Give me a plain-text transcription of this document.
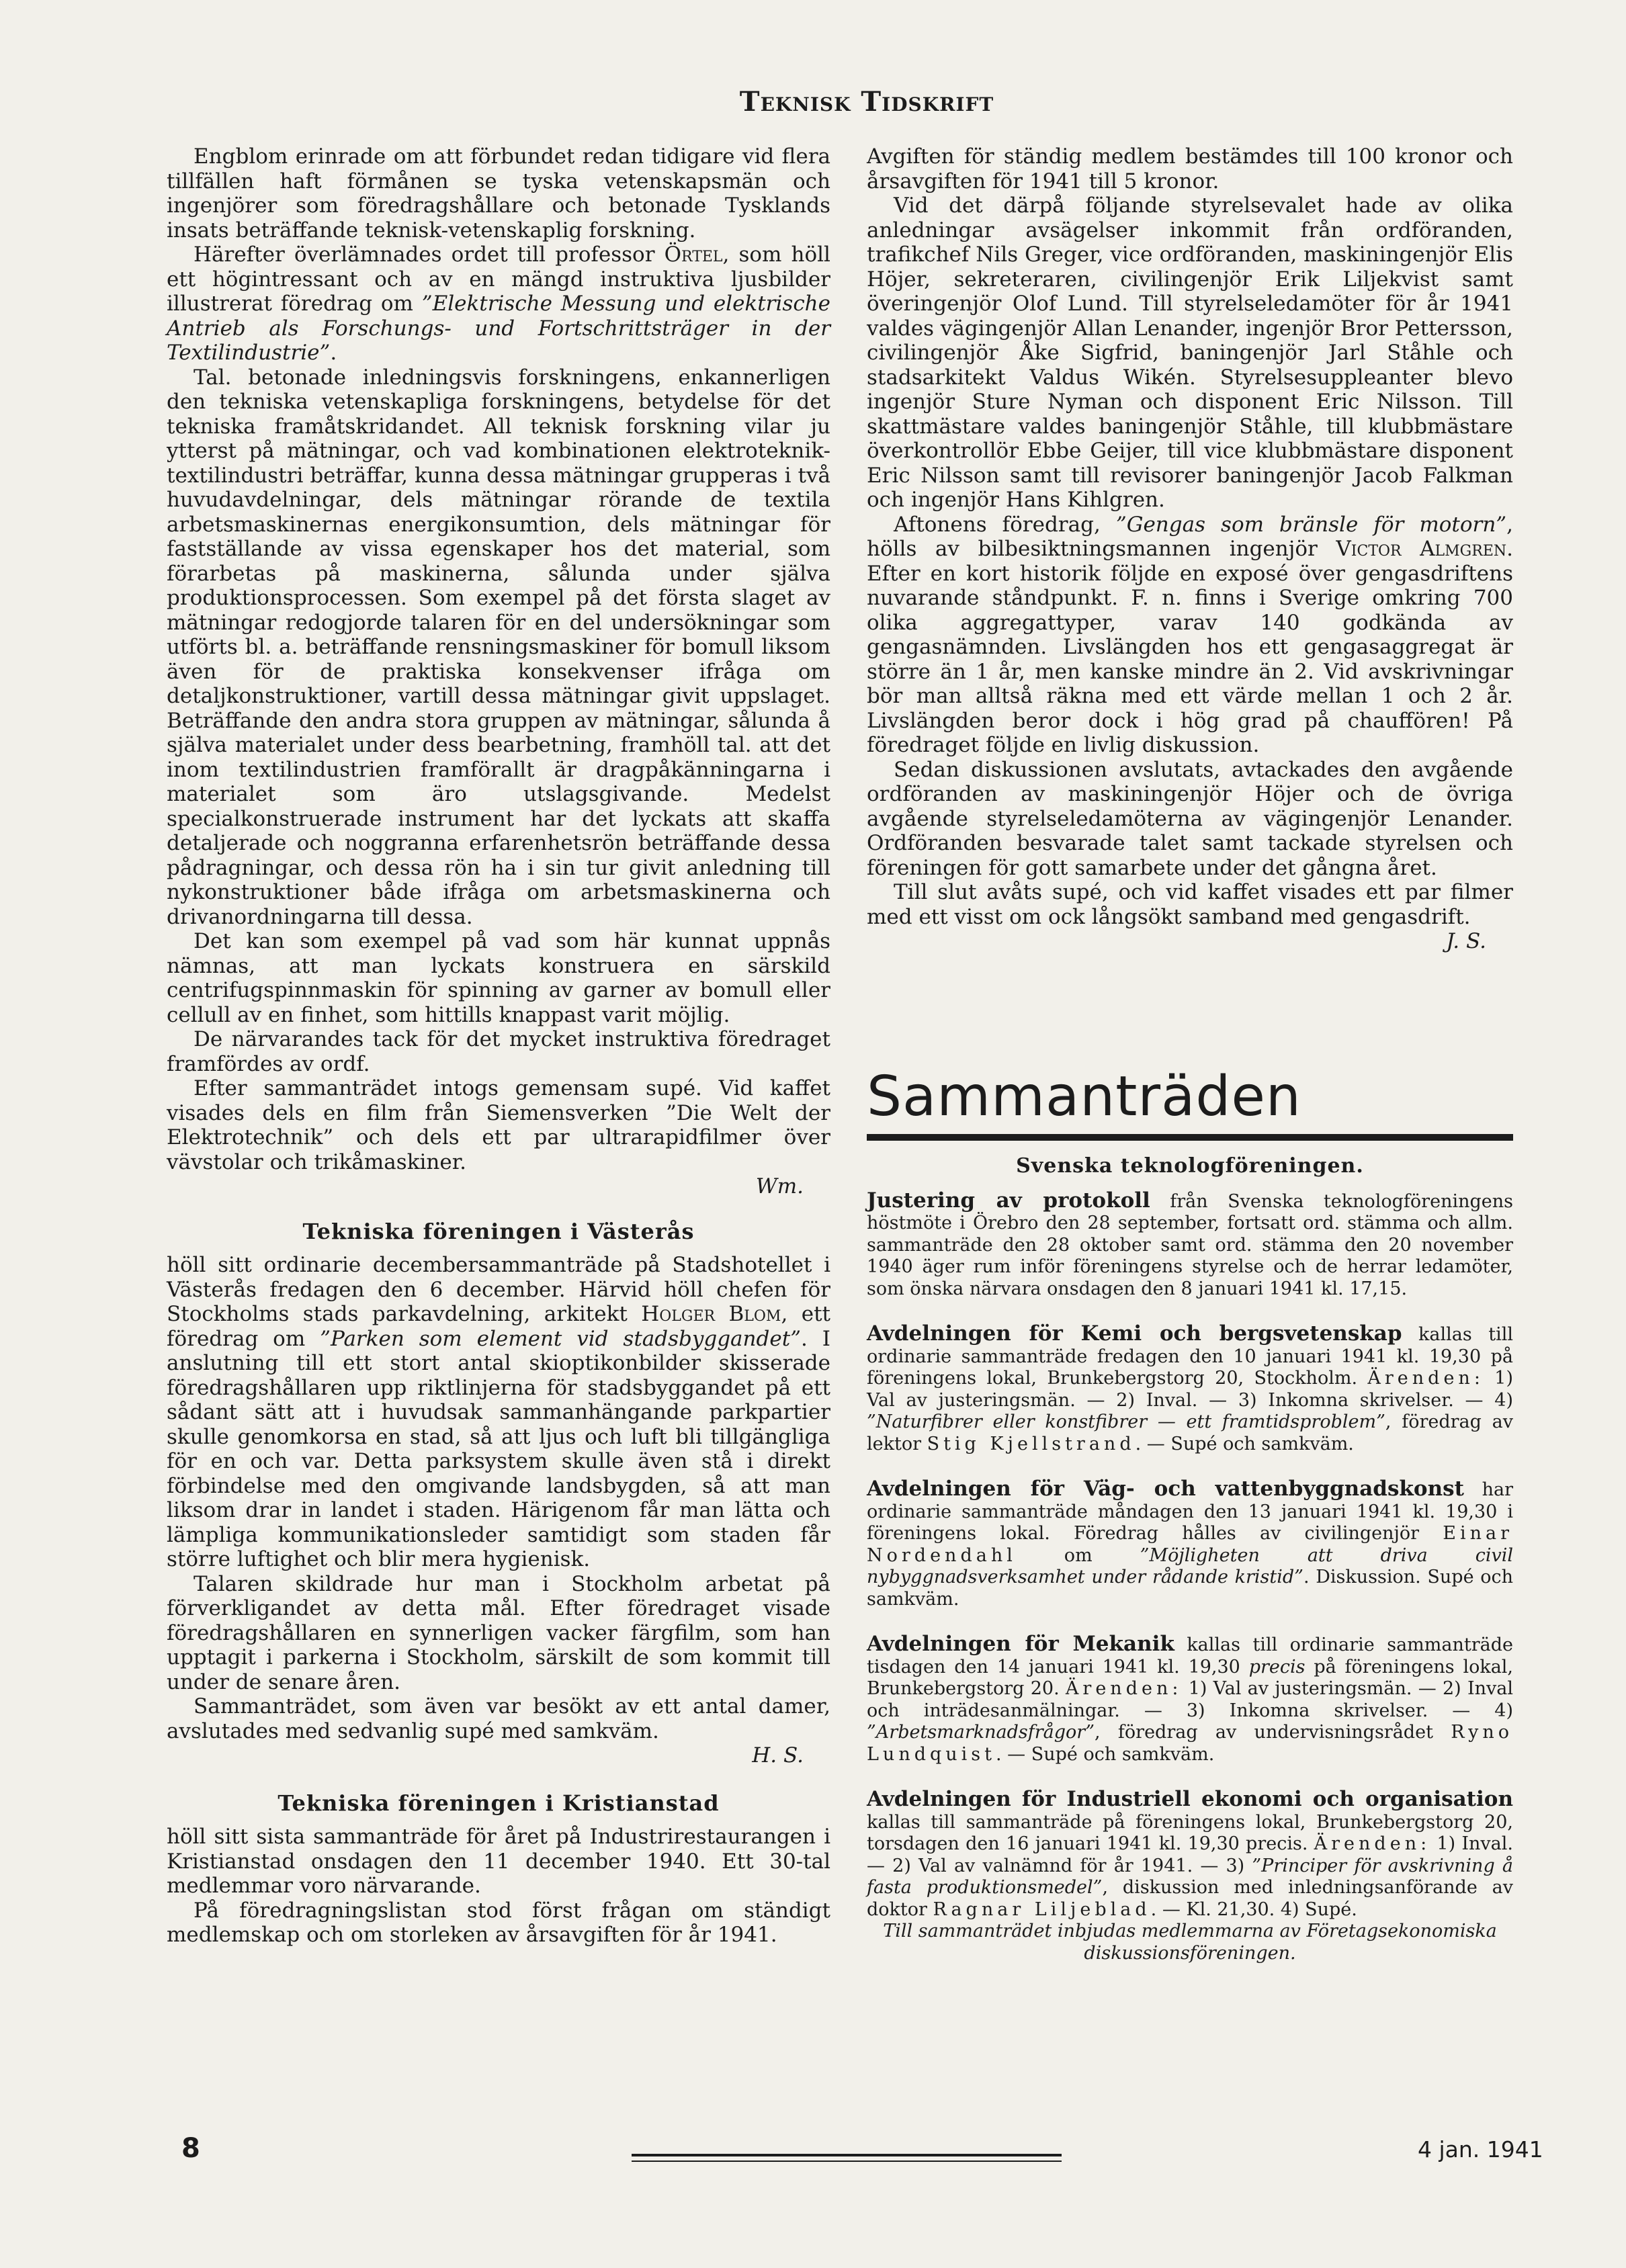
Teknisk Tidskrift

Engblom erinrade om att förbundet redan tidigare vid flera tillfällen haft förmånen se tyska vetenskapsmän och ingenjörer som föredragshållare och betonade Tysklands insats beträffande teknisk-vetenskaplig forskning.

Härefter överlämnades ordet till professor Örtel, som höll ett högintressant och av en mängd instruktiva ljusbilder illustrerat föredrag om ”Elektrische Messung und elektrische Antrieb als Forschungs- und Fortschrittsträger in der Textilindustrie”.

Tal. betonade inledningsvis forskningens, enkannerligen den tekniska vetenskapliga forskningens, betydelse för det tekniska framåtskridandet. All teknisk forskning vilar ju ytterst på mätningar, och vad kombinationen elektroteknik-textilindustri beträffar, kunna dessa mätningar grupperas i två huvudavdelningar, dels mätningar rörande de textila arbetsmaskinernas energikonsumtion, dels mätningar för fastställande av vissa egenskaper hos det material, som förarbetas på maskinerna, sålunda under själva produktionsprocessen. Som exempel på det första slaget av mätningar redogjorde talaren för en del undersökningar som utförts bl. a. beträffande rensningsmaskiner för bomull liksom även för de praktiska konsekvenser ifråga om detaljkonstruktioner, vartill dessa mätningar givit uppslaget. Beträffande den andra stora gruppen av mätningar, sålunda å själva materialet under dess bearbetning, framhöll tal. att det inom textilindustrien framförallt är dragpåkänningarna i materialet som äro utslagsgivande. Medelst specialkonstruerade instrument har det lyckats att skaffa detaljerade och noggranna erfarenhetsrön beträffande dessa pådragningar, och dessa rön ha i sin tur givit anledning till nykonstruktioner både ifråga om arbetsmaskinerna och drivanordningarna till dessa.

Det kan som exempel på vad som här kunnat uppnås nämnas, att man lyckats konstruera en särskild centrifugspinnmaskin för spinning av garner av bomull eller cellull av en finhet, som hittills knappast varit möjlig.

De närvarandes tack för det mycket instruktiva föredraget framfördes av ordf.

Efter sammanträdet intogs gemensam supé. Vid kaffet visades dels en film från Siemensverken ”Die Welt der Elektrotechnik” och dels ett par ultrarapidfilmer över vävstolar och trikåmaskiner.

Wm.
Tekniska föreningen i Västerås

höll sitt ordinarie decembersammanträde på Stadshotellet i Västerås fredagen den 6 december. Härvid höll chefen för Stockholms stads parkavdelning, arkitekt Holger Blom, ett föredrag om ”Parken som element vid stadsbyggandet”. I anslutning till ett stort antal skioptikonbilder skisserade föredragshållaren upp riktlinjerna för stadsbyggandet på ett sådant sätt att i huvudsak sammanhängande parkpartier skulle genomkorsa en stad, så att ljus och luft bli tillgängliga för en och var. Detta parksystem skulle även stå i direkt förbindelse med den omgivande landsbygden, så att man liksom drar in landet i staden. Härigenom får man lätta och lämpliga kommunikationsleder samtidigt som staden får större luftighet och blir mera hygienisk.

Talaren skildrade hur man i Stockholm arbetat på förverkligandet av detta mål. Efter föredraget visade föredragshållaren en synnerligen vacker färgfilm, som han upptagit i parkerna i Stockholm, särskilt de som kommit till under de senare åren.

Sammanträdet, som även var besökt av ett antal damer, avslutades med sedvanlig supé med samkväm.

H. S.
Tekniska föreningen i Kristianstad

höll sitt sista sammanträde för året på Industrirestaurangen i Kristianstad onsdagen den 11 december 1940. Ett 30-tal medlemmar voro närvarande.

På föredragningslistan stod först frågan om ständigt medlemskap och om storleken av årsavgiften för år 1941.

Avgiften för ständig medlem bestämdes till 100 kronor och årsavgiften för 1941 till 5 kronor.

Vid det därpå följande styrelsevalet hade av olika anledningar avsägelser inkommit från ordföranden, trafikchef Nils Greger, vice ordföranden, maskiningenjör Elis Höjer, sekreteraren, civilingenjör Erik Liljekvist samt överingenjör Olof Lund. Till styrelseledamöter för år 1941 valdes vägingenjör Allan Lenander, ingenjör Bror Pettersson, civilingenjör Åke Sigfrid, baningenjör Jarl Ståhle och stadsarkitekt Valdus Wikén. Styrelsesuppleanter blevo ingenjör Sture Nyman och disponent Eric Nilsson. Till skattmästare valdes baningenjör Ståhle, till klubbmästare överkontrollör Ebbe Geijer, till vice klubbmästare disponent Eric Nilsson samt till revisorer baningenjör Jacob Falkman och ingenjör Hans Kihlgren.

Aftonens föredrag, ”Gengas som bränsle för motorn”, hölls av bilbesiktningsmannen ingenjör Victor Almgren. Efter en kort historik följde en exposé över gengasdriftens nuvarande ståndpunkt. F. n. finns i Sverige omkring 700 olika aggregattyper, varav 140 godkända av gengasnämnden. Livslängden hos ett gengasaggregat är större än 1 år, men kanske mindre än 2. Vid avskrivningar bör man alltså räkna med ett värde mellan 1 och 2 år. Livslängden beror dock i hög grad på chauffören! På föredraget följde en livlig diskussion.

Sedan diskussionen avslutats, avtackades den avgående ordföranden av maskiningenjör Höjer och de övriga avgående styrelseledamöterna av vägingenjör Lenander. Ordföranden besvarade talet samt tackade styrelsen och föreningen för gott samarbete under det gångna året.

Till slut avåts supé, och vid kaffet visades ett par filmer med ett visst om ock långsökt samband med gengasdrift.

J. S.
Sammanträden
Svenska teknologföreningen.

Justering av protokoll från Svenska teknologföreningens höstmöte i Örebro den 28 september, fortsatt ord. stämma och allm. sammanträde den 28 oktober samt ord. stämma den 20 november 1940 äger rum inför föreningens styrelse och de herrar ledamöter, som önska närvara onsdagen den 8 januari 1941 kl. 17,15.

Avdelningen för Kemi och bergsvetenskap kallas till ordinarie sammanträde fredagen den 10 januari 1941 kl. 19,30 på föreningens lokal, Brunkebergstorg 20, Stockholm. Ärenden: 1) Val av justeringsmän. — 2) Inval. — 3) Inkomna skrivelser. — 4) ”Naturfibrer eller konstfibrer — ett framtidsproblem”, föredrag av lektor Stig Kjellstrand. — Supé och samkväm.

Avdelningen för Väg- och vattenbyggnadskonst har ordinarie sammanträde måndagen den 13 januari 1941 kl. 19,30 i föreningens lokal. Föredrag hålles av civilingenjör Einar Nordendahl om ”Möjligheten att driva civil nybyggnadsverksamhet under rådande kristid”. Diskussion. Supé och samkväm.

Avdelningen för Mekanik kallas till ordinarie sammanträde tisdagen den 14 januari 1941 kl. 19,30 precis på föreningens lokal, Brunkebergstorg 20. Ärenden: 1) Val av justeringsmän. — 2) Inval och inträdesanmälningar. — 3) Inkomna skrivelser. — 4) ”Arbetsmarknadsfrågor”, föredrag av undervisningsrådet Ryno Lundquist. — Supé och samkväm.

Avdelningen för Industriell ekonomi och organisation kallas till sammanträde på föreningens lokal, Brunkebergstorg 20, torsdagen den 16 januari 1941 kl. 19,30 precis. Ärenden: 1) Inval. — 2) Val av valnämnd för år 1941. — 3) ”Principer för avskrivning å fasta produktionsmedel”, diskussion med inledningsanförande av doktor Ragnar Liljeblad. — Kl. 21,30. 4) Supé.

Till sammanträdet inbjudas medlemmarna av Företagsekonomiska diskussionsföreningen.

8	4 jan. 1941
